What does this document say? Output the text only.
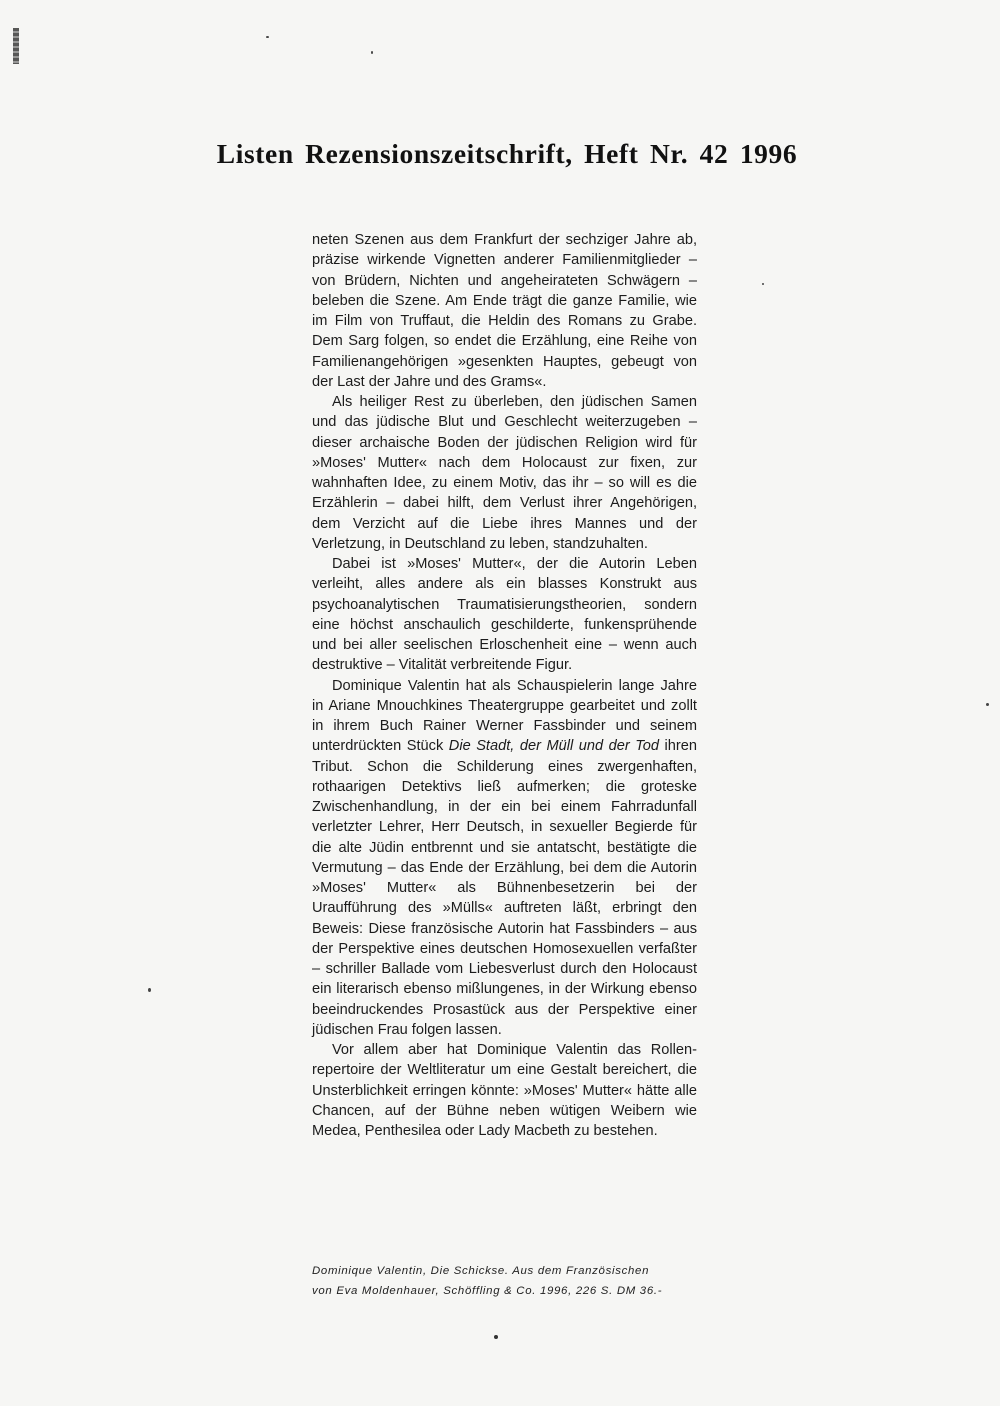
Listen Rezensionszeitschrift, Heft Nr. 42 1996

neten Szenen aus dem Frankfurt der sechziger Jahre ab, präzise wirkende Vignetten anderer Familienmitglieder – von Brüdern, Nichten und angeheirateten Schwägern – beleben die Szene. Am Ende trägt die ganze Familie, wie im Film von Truffaut, die Heldin des Romans zu Grabe. Dem Sarg folgen, so endet die Erzählung, eine Reihe von Familienangehörigen »gesenkten Hauptes, gebeugt von der Last der Jahre und des Grams«.

Als heiliger Rest zu überleben, den jüdischen Samen und das jüdische Blut und Geschlecht weiterzugeben – dieser archaische Boden der jüdischen Religion wird für »Moses' Mutter« nach dem Holocaust zur fixen, zur wahnhaften Idee, zu einem Motiv, das ihr – so will es die Erzählerin – dabei hilft, dem Verlust ihrer Angehörigen, dem Verzicht auf die Liebe ihres Mannes und der Verletzung, in Deutschland zu leben, standzuhalten.

Dabei ist »Moses' Mutter«, der die Autorin Leben verleiht, alles andere als ein blasses Konstrukt aus psychoanalytischen Traumatisierungstheorien, sondern eine höchst anschaulich geschilderte, funkensprühende und bei aller seelischen Erloschenheit eine – wenn auch destruktive – Vitalität verbreitende Figur.

Dominique Valentin hat als Schauspielerin lange Jahre in Ariane Mnouchkines Theatergruppe gearbeitet und zollt in ihrem Buch Rainer Werner Fassbinder und seinem unterdrückten Stück Die Stadt, der Müll und der Tod ihren Tribut. Schon die Schilderung eines zwergenhaften, rothaarigen Detektivs ließ aufmerken; die groteske Zwischenhandlung, in der ein bei einem Fahrradunfall verletzter Lehrer, Herr Deutsch, in sexueller Begierde für die alte Jüdin entbrennt und sie antatscht, bestätigte die Vermutung – das Ende der Erzählung, bei dem die Autorin »Moses' Mutter« als Bühnenbesetzerin bei der Uraufführung des »Mülls« auftreten läßt, erbringt den Beweis: Diese französische Autorin hat Fassbinders – aus der Perspektive eines deutschen Homosexuellen verfaßter – schriller Ballade vom Liebesverlust durch den Holocaust ein literarisch ebenso mißlungenes, in der Wirkung ebenso beeindruckendes Prosastück aus der Perspektive einer jüdischen Frau folgen lassen.

Vor allem aber hat Dominique Valentin das Rollenrepertoire der Weltliteratur um eine Gestalt bereichert, die Unsterblichkeit erringen könnte: »Moses' Mutter« hätte alle Chancen, auf der Bühne neben wütigen Weibern wie Medea, Penthesilea oder Lady Macbeth zu bestehen.

Dominique Valentin, Die Schickse. Aus dem Französischen
von Eva Moldenhauer, Schöffling & Co. 1996, 226 S. DM 36.-
